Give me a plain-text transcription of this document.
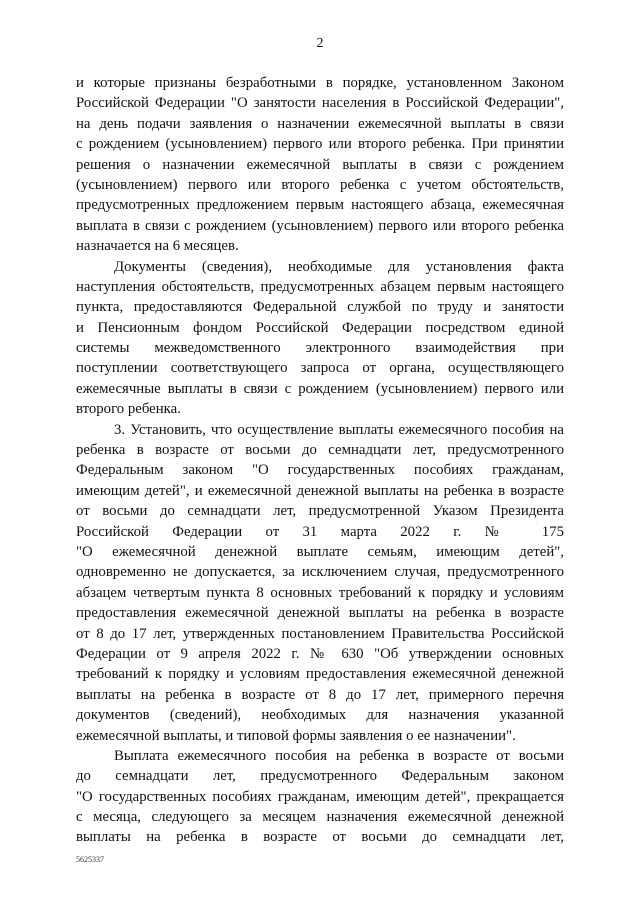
2
и которые признаны безработными в порядке, установленном Законом
Российской Федерации "О занятости населения в Российской Федерации",
на день подачи заявления о назначении ежемесячной выплаты в связи
с рождением (усыновлением) первого или второго ребенка. При принятии
решения о назначении ежемесячной выплаты в связи с рождением
(усыновлением) первого или второго ребенка с учетом обстоятельств,
предусмотренных предложением первым настоящего абзаца, ежемесячная
выплата в связи с рождением (усыновлением) первого или второго ребенка
назначается на 6 месяцев.
Документы (сведения), необходимые для установления факта
наступления обстоятельств, предусмотренных абзацем первым настоящего
пункта, предоставляются Федеральной службой по труду и занятости
и Пенсионным фондом Российской Федерации посредством единой
системы межведомственного электронного взаимодействия при
поступлении соответствующего запроса от органа, осуществляющего
ежемесячные выплаты в связи с рождением (усыновлением) первого или
второго ребенка.
3. Установить, что осуществление выплаты ежемесячного пособия на
ребенка в возрасте от восьми до семнадцати лет, предусмотренного
Федеральным законом "О государственных пособиях гражданам,
имеющим детей", и ежемесячной денежной выплаты на ребенка в возрасте
от восьми до семнадцати лет, предусмотренной Указом Президента
Российской Федерации от 31 марта 2022 г. № 175
"О ежемесячной денежной выплате семьям, имеющим детей",
одновременно не допускается, за исключением случая, предусмотренного
абзацем четвертым пункта 8 основных требований к порядку и условиям
предоставления ежемесячной денежной выплаты на ребенка в возрасте
от 8 до 17 лет, утвержденных постановлением Правительства Российской
Федерации от 9 апреля 2022 г. № 630 "Об утверждении основных
требований к порядку и условиям предоставления ежемесячной денежной
выплаты на ребенка в возрасте от 8 до 17 лет, примерного перечня
документов (сведений), необходимых для назначения указанной
ежемесячной выплаты, и типовой формы заявления о ее назначении".
Выплата ежемесячного пособия на ребенка в возрасте от восьми
до семнадцати лет, предусмотренного Федеральным законом
"О государственных пособиях гражданам, имеющим детей", прекращается
с месяца, следующего за месяцем назначения ежемесячной денежной
выплаты на ребенка в возрасте от восьми до семнадцати лет,
5625337
